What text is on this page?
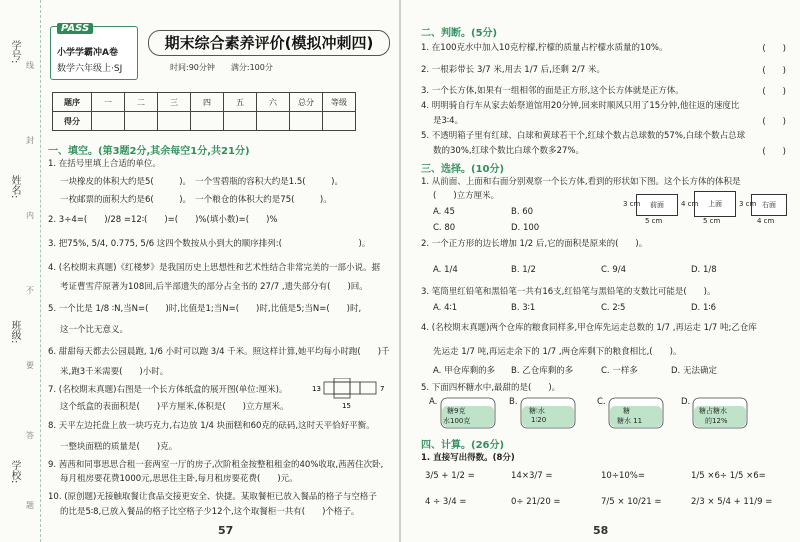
学号:
姓名:
班级:
学校:
线
封
内
不
要
答
题
PASS
小学学霸冲A卷
数学六年级上·SJ
期末综合素养评价(模拟冲刺四)
时间:90分钟　　满分:100分
题序	一	二	三	四	五	六	总分	等级
得分								
一、填空。(第3题2分,其余每空1分,共21分)
1. 在括号里填上合适的单位。
一块橡皮的体积大约是5(　　　)。　一个雪碧瓶的容积大约是1.5(　　　)。
一枚邮票的面积大约是6(　　　)。　一个粮仓的体积大约是75(　　　)。
2. 3÷4=(　　)/28 =12∶(　　)=(　　)%(填小数)=(　　)%
3. 把75%, 5/4, 0.775, 5/6 这四个数按从小到大的顺序排列:(　　　　　　　　　)。
4. (名校期末真题)《红楼梦》是我国历史上思想性和艺术性结合非常完美的一部小说。据
考证曹雪芹原著为108回,后半部遗失的部分占全书的 27/7 ,遗失部分有(　　)回。
5. 一个比是 1/8 ∶N,当N=(　　)时,比值是1;当N=(　　)时,比值是5;当N=(　　)时,
这一个比无意义。
6. 甜甜每天都去公园晨跑, 1/6 小时可以跑 3/4 千米。照这样计算,她平均每小时跑(　　)千
米,跑3千米需要(　　)小时。
7. (名校期末真题)右图是一个长方体纸盒的展开图(单位:厘米)。
这个纸盒的表面积是(　　)平方厘米,体积是(　　)立方厘米。
13	7
15
8. 天平左边托盘上放一块巧克力,右边放 1/4 块面糕和60克的砝码,这时天平恰好平衡。
一整块面糕的质量是(　　)克。
9. 茜茜和同事思思合租一套两室一厅的房子,次阶租金按整租租金的40%收取,茜茜住次卧,
每月租房要花费1000元,思思住主卧,每月租房要花费(　　)元。
10. (原创题)无接触取餐让食品交接更安全、快捷。某取餐柜已放入餐品的格子与空格子
的比是5∶8,已放入餐品的格子比空格子少12个,这个取餐柜一共有(　　)个格子。
57
二、判断。(5分)
1. 在100克水中加入10克柠檬,柠檬的质量占柠檬水质量的10%。
2. 一根彩带长 3/7 米,用去 1/7 后,还剩 2/7 米。
3. 一个长方体,如果有一组相邻的面是正方形,这个长方体就是正方体。
4. 明明骑自行车从家去始祭道馆用20分钟,回来时顺风只用了15分钟,他往返的速度比
是3∶4。
5. 不透明箱子里有红球、白球和黄球若干个,红球个数占总球数的57%,白球个数占总球
数的30%,红球个数比白球个数多27%。
(　　)
(　　)
(　　)
(　　)
(　　)
三、选择。(10分)
1. 从前面、上面和右面分别观察一个长方体,看到的形状如下图。这个长方体的体积是
(　　)立方厘米。
A. 45	B. 60
C. 80	D. 100
前面
3 cm
5 cm
上面
4 cm
5 cm
右面
3 cm
4 cm
2. 一个正方形的边长增加 1/2 后,它的面积是原来的(　　)。
A. 1/4	B. 1/2	C. 9/4	D. 1/8
3. 笔筒里红铅笔和黑铅笔一共有16支,红铅笔与黑铅笔的支数比可能是(　　)。
A. 4∶1	B. 3∶1	C. 2∶5	D. 1∶6
4. (名校期末真题)两个仓库的粮食同样多,甲仓库先运走总数的 1/7 ,再运走 1/7 吨;乙仓库
先运走 1/7 吨,再运走余下的 1/7 ,两仓库剩下的粮食相比,(　　)。
A. 甲仓库剩的多 B. 乙仓库剩的多	C. 一样多	D. 无法确定
5. 下面四杯糖水中,最甜的是(　　)。
A.
糖9克
水100克
B.
糖∶水
1∶20
C.
糖
糖水 11
D.
糖占糖水
的12%
四、计算。(26分)
1. 直接写出得数。(8分)
3/5 + 1/2 =	14×3/7 =	10÷10%=	1/5 ×6÷ 1/5 ×6=
4 ÷ 3/4 =	0÷ 21/20 =	7/5 × 10/21 =	2/3 × 5/4 + 11/9 =
58
